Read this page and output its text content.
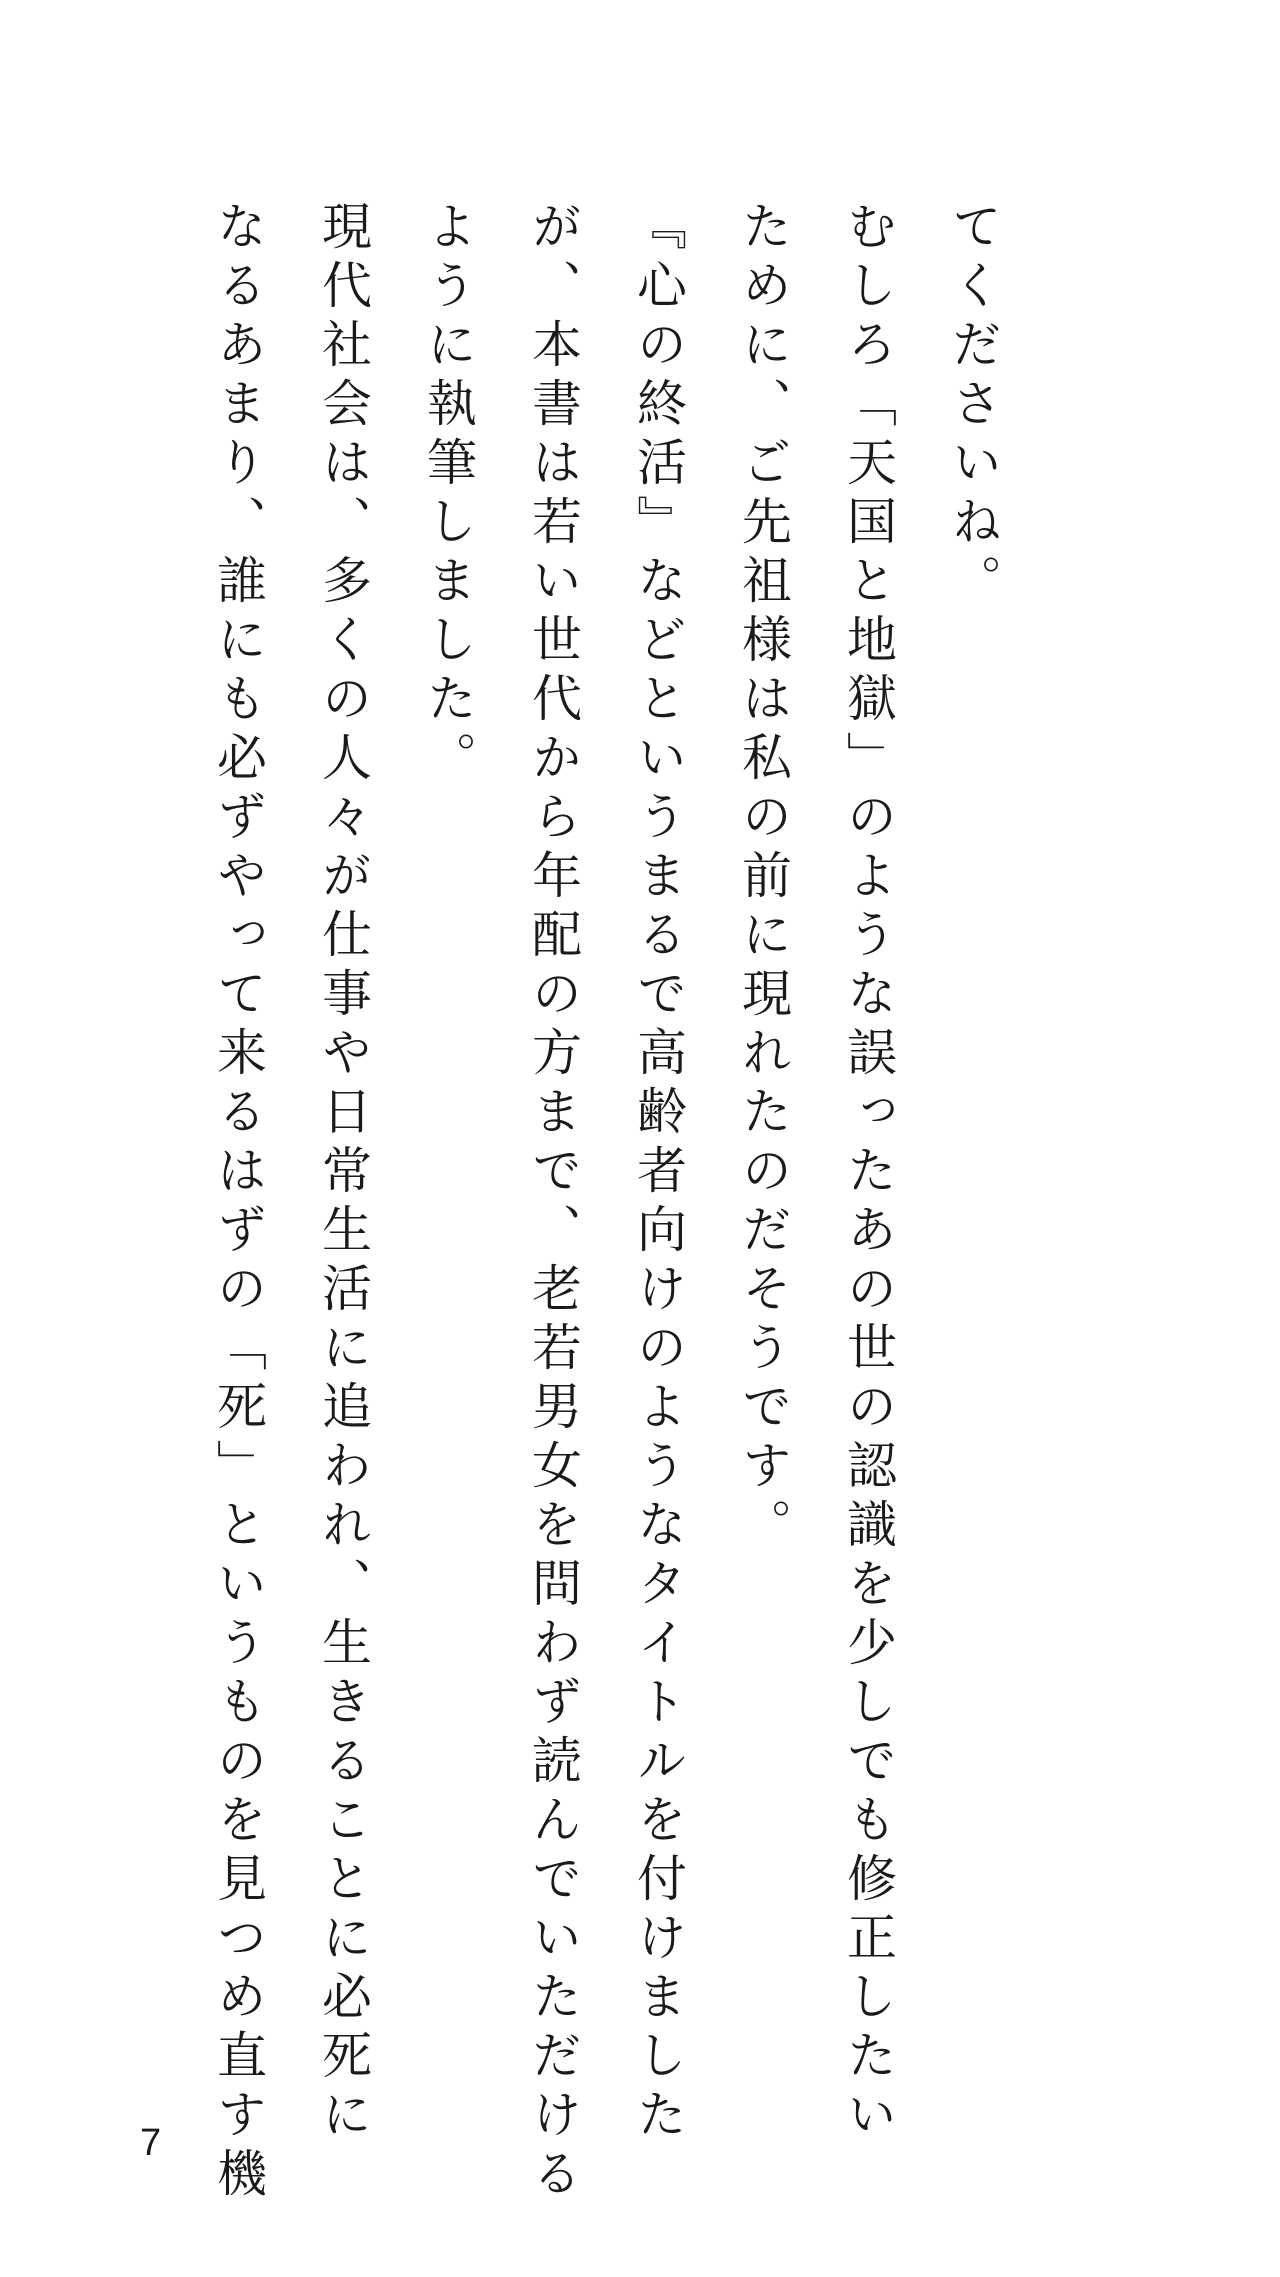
てくださいね。
むしろ「天国と地獄」のような誤ったあの世の認識を少しでも修正したい
ために、ご先祖様は私の前に現れたのだそうです。
『心の終活』などというまるで高齢者向けのようなタイトルを付けました
が、本書は若い世代から年配の方まで、老若男女を問わず読んでいただける
ように執筆しました。
現代社会は、多くの人々が仕事や日常生活に追われ、生きることに必死に
なるあまり、誰にも必ずやって来るはずの「死」というものを見つめ直す機
7
